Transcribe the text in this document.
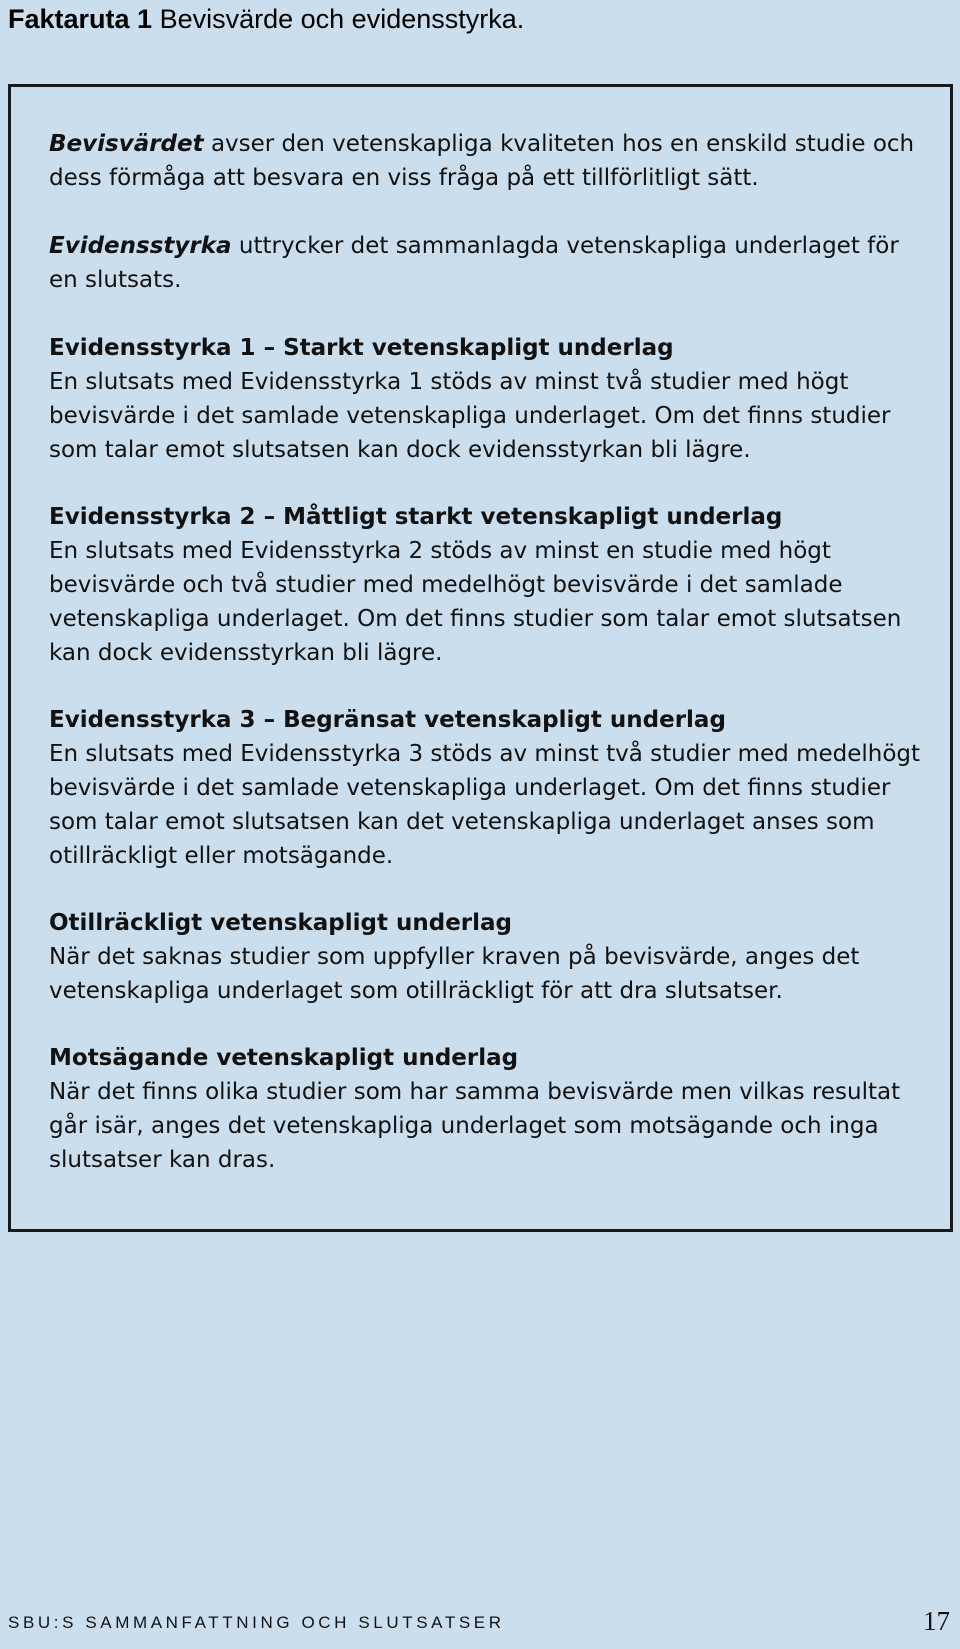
Faktaruta 1 Bevisvärde och evidensstyrka.

Bevisvärdet avser den vetenskapliga kvaliteten hos en enskild studie och dess förmåga att besvara en viss fråga på ett tillförlitligt sätt.

Evidensstyrka uttrycker det sammanlagda vetenskapliga underlaget för en slutsats.

Evidensstyrka 1 – Starkt vetenskapligt underlag
En slutsats med Evidensstyrka 1 stöds av minst två studier med högt bevisvärde i det samlade vetenskapliga underlaget. Om det finns studier som talar emot slutsatsen kan dock evidensstyrkan bli lägre.
Evidensstyrka 2 – Måttligt starkt vetenskapligt underlag
En slutsats med Evidensstyrka 2 stöds av minst en studie med högt bevisvärde och två studier med medelhögt bevisvärde i det samlade vetenskapliga underlaget. Om det finns studier som talar emot slutsatsen kan dock evidensstyrkan bli lägre.
Evidensstyrka 3 – Begränsat vetenskapligt underlag
En slutsats med Evidensstyrka 3 stöds av minst två studier med medelhögt bevisvärde i det samlade vetenskapliga underlaget. Om det finns studier som talar emot slutsatsen kan det vetenskapliga underlaget anses som otillräckligt eller motsägande.
Otillräckligt vetenskapligt underlag
När det saknas studier som uppfyller kraven på bevisvärde, anges det vetenskapliga underlaget som otillräckligt för att dra slutsatser.
Motsägande vetenskapligt underlag
När det finns olika studier som har samma bevisvärde men vilkas resultat går isär, anges det vetenskapliga underlaget som motsägande och inga slutsatser kan dras.
SBU:S SAMMANFATTNING OCH SLUTSATSER	17
